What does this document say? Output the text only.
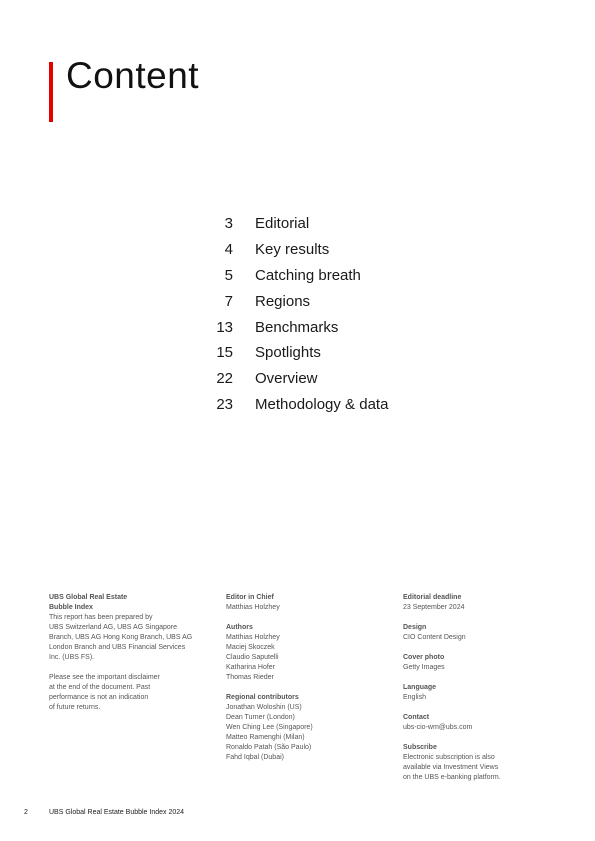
Content
3 Editorial
4 Key results
5 Catching breath
7 Regions
13 Benchmarks
15 Spotlights
22 Overview
23 Methodology & data
UBS Global Real Estate
Bubble Index
This report has been prepared by
UBS Switzerland AG, UBS AG Singapore
Branch, UBS AG Hong Kong Branch, UBS AG
London Branch and UBS Financial Services
Inc. (UBS FS).
Please see the important disclaimer
at the end of the document. Past
performance is not an indication
of future returns.
Editor in Chief
Matthias Holzhey
Authors
Matthias Holzhey
Maciej Skoczek
Claudio Saputelli
Katharina Hofer
Thomas Rieder
Regional contributors
Jonathan Woloshin (US)
Dean Turner (London)
Wen Ching Lee (Singapore)
Matteo Ramenghi (Milan)
Ronaldo Patah (São Paulo)
Fahd Iqbal (Dubai)
Editorial deadline
23 September 2024
Design
CIO Content Design
Cover photo
Getty Images
Language
English
Contact
ubs-cio-wm@ubs.com
Subscribe
Electronic subscription is also
available via Investment Views
on the UBS e-banking platform.
2	UBS Global Real Estate Bubble Index 2024
